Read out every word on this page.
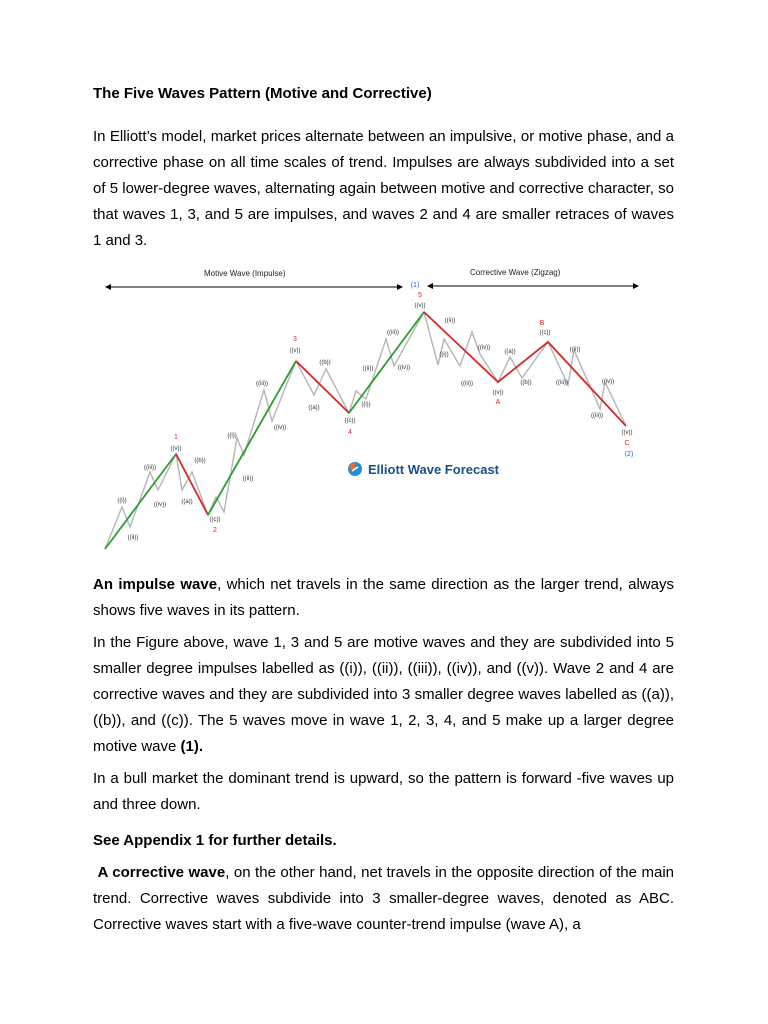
The Five Waves Pattern (Motive and Corrective)
In Elliott’s model, market prices alternate between an impulsive, or motive phase, and a corrective phase on all time scales of trend. Impulses are always subdivided into a set of 5 lower-degree waves, alternating again between motive and corrective character, so that waves 1, 3, and 5 are impulses, and waves 2 and 4 are smaller retraces of waves 1 and 3.
An impulse wave, which net travels in the same direction as the larger trend, always shows five waves in its pattern.
In the Figure above, wave 1, 3 and 5 are motive waves and they are subdivided into 5 smaller degree impulses labelled as ((i)), ((ii)), ((iii)), ((iv)), and ((v)). Wave 2 and 4 are corrective waves and they are subdivided into 3 smaller degree waves labelled as ((a)), ((b)), and ((c)). The 5 waves move in wave 1, 2, 3, 4, and 5 make up a larger degree motive wave (1).
In a bull market the dominant trend is upward, so the pattern is forward -five waves up and three down.
See Appendix 1 for further details.
A corrective wave, on the other hand, net travels in the opposite direction of the main trend. Corrective waves subdivide into 3 smaller-degree waves, denoted as ABC. Corrective waves start with a five-wave counter-trend impulse (wave A), a
Motive Wave (Impulse)	Corrective Wave (Zigzag)
(1)
1
((v))
((c))
2
3
((v))
((c))
4
5
((v))
((v))
A
B
((c))
((v))
C
(2)
((i))
((ii))
((iii))
((iv))	((a))
((b))
((i))
((ii))
((iii))
((iv))
((a))
((b))
((i))
((ii))
((iii))
((iv))
((i))
((ii))
((iii))
((iv))
((a))
((b))	((iii))
((ii))
((iii))
((iv))
Elliott Wave Forecast
